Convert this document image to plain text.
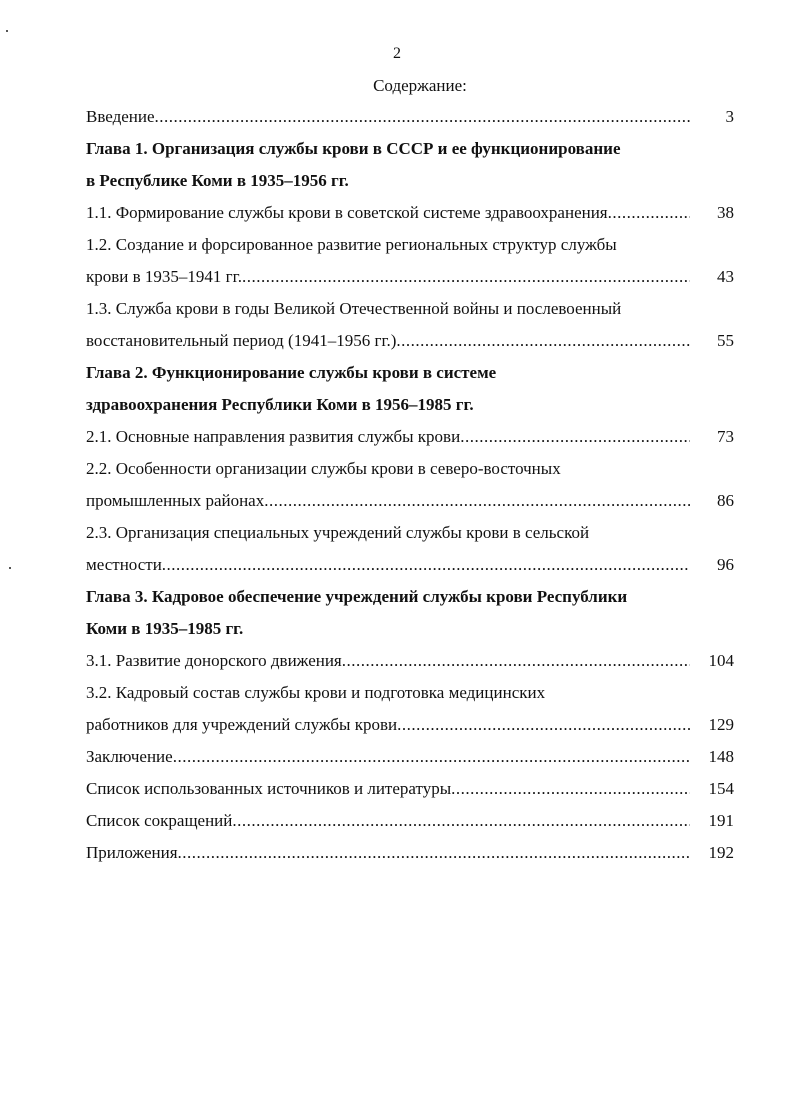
2
Содержание:
Введение .....	3
Глава 1. Организация службы крови в СССР и ее функционирование
в Республике Коми в 1935–1956 гг.
1.1. Формирование службы крови в советской системе здравоохранения .....	38
1.2. Создание и форсированное развитие региональных структур службы
крови в 1935–1941 гг. .....	43
1.3. Служба крови в годы Великой Отечественной войны и послевоенный
восстановительный период (1941–1956 гг.) .....	55
Глава 2. Функционирование службы крови в системе
здравоохранения Республики Коми в 1956–1985 гг.
2.1. Основные направления развития службы крови .....	73
2.2. Особенности организации службы крови в северо-восточных
промышленных районах .....	86
2.3. Организация специальных учреждений службы крови в сельской
местности .....	96
Глава 3. Кадровое обеспечение учреждений службы крови Республики
Коми в 1935–1985 гг.
3.1. Развитие донорского движения .....	104
3.2. Кадровый состав службы крови и подготовка медицинских
работников для учреждений службы крови .....	129
Заключение .....	148
Список использованных источников и литературы .....	154
Список сокращений .....	191
Приложения .....	192
